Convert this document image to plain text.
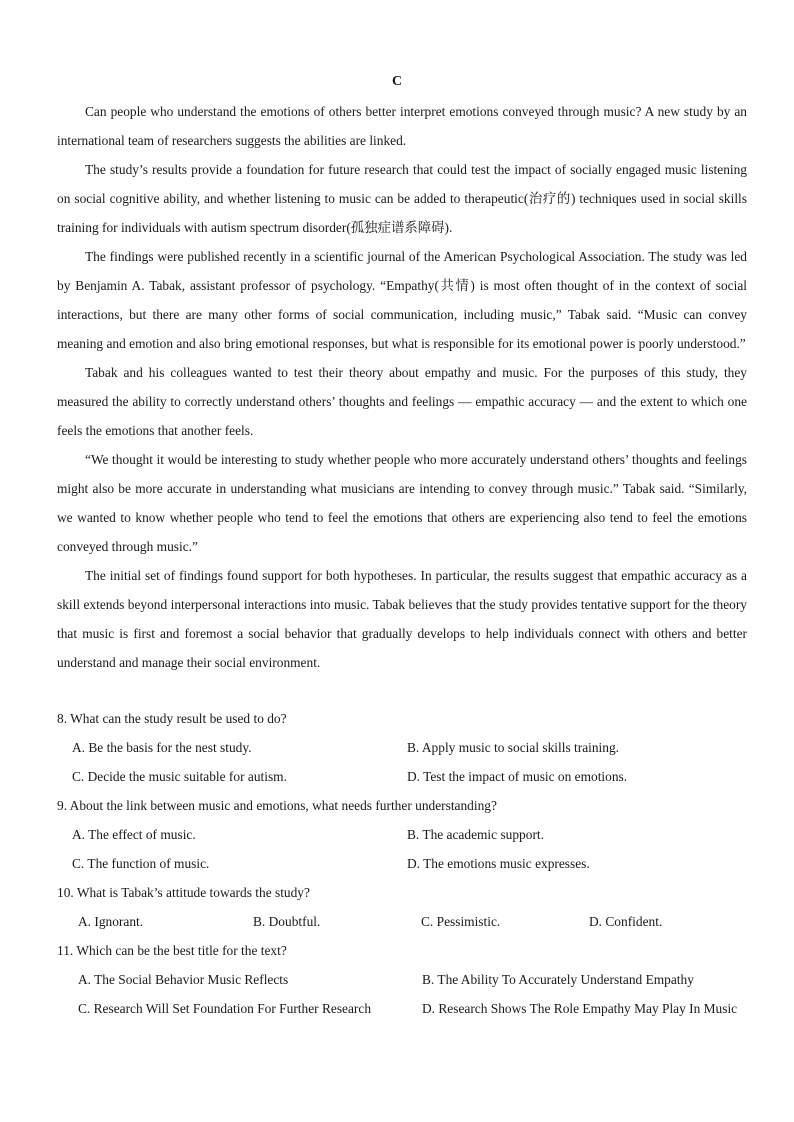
C

Can people who understand the emotions of others better interpret emotions conveyed through music? A new study by an international team of researchers suggests the abilities are linked.

The study’s results provide a foundation for future research that could test the impact of socially engaged music listening on social cognitive ability, and whether listening to music can be added to therapeutic(治疗的) techniques used in social skills training for individuals with autism spectrum disorder(孤独症谱系障碍).

The findings were published recently in a scientific journal of the American Psychological Association. The study was led by Benjamin A. Tabak, assistant professor of psychology. “Empathy(共情) is most often thought of in the context of social interactions, but there are many other forms of social communication, including music,” Tabak said. “Music can convey meaning and emotion and also bring emotional responses, but what is responsible for its emotional power is poorly understood.”

Tabak and his colleagues wanted to test their theory about empathy and music. For the purposes of this study, they measured the ability to correctly understand others’ thoughts and feelings — empathic accuracy — and the extent to which one feels the emotions that another feels.

“We thought it would be interesting to study whether people who more accurately understand others’ thoughts and feelings might also be more accurate in understanding what musicians are intending to convey through music.” Tabak said. “Similarly, we wanted to know whether people who tend to feel the emotions that others are experiencing also tend to feel the emotions conveyed through music.”

The initial set of findings found support for both hypotheses. In particular, the results suggest that empathic accuracy as a skill extends beyond interpersonal interactions into music. Tabak believes that the study provides tentative support for the theory that music is first and foremost a social behavior that gradually develops to help individuals connect with others and better understand and manage their social environment.

8. What can the study result be used to do?
A. Be the basis for the nest study.	B. Apply music to social skills training.
C. Decide the music suitable for autism.	D. Test the impact of music on emotions.
9. About the link between music and emotions, what needs further understanding?
A. The effect of music.	B. The academic support.
C. The function of music.	D. The emotions music expresses.
10. What is Tabak’s attitude towards the study?
A. Ignorant.	B. Doubtful.	C. Pessimistic.	D. Confident.
11. Which can be the best title for the text?
A. The Social Behavior Music Reflects	B. The Ability To Accurately Understand Empathy
C. Research Will Set Foundation For Further Research	D. Research Shows The Role Empathy May Play In Music
